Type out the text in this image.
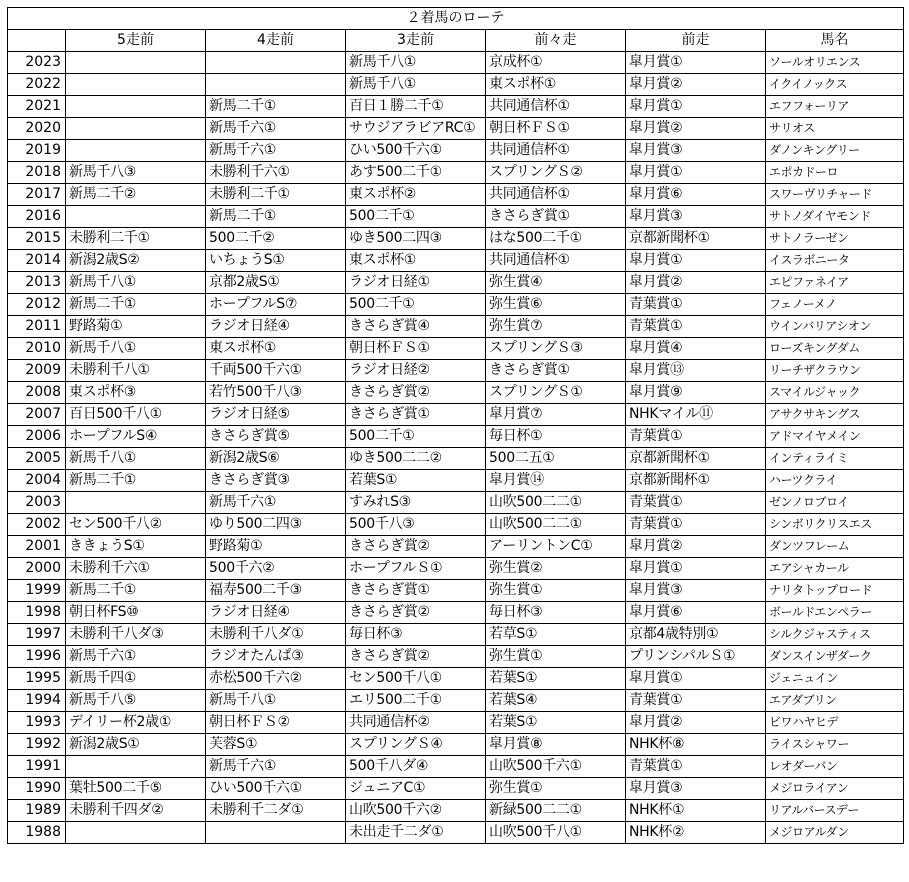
２着馬のローテ						
	5走前	4走前	3走前	前々走	前走	馬名
2023			新馬千八①	京成杯①	皐月賞①	ソールオリエンス
2022			新馬千八①	東スポ杯①	皐月賞②	イクイノックス
2021		新馬二千①	百日１勝二千①	共同通信杯①	皐月賞①	エフフォーリア
2020		新馬千六①	サウジアラビアRC①	朝日杯ＦＳ①	皐月賞②	サリオス
2019		新馬千六①	ひい500千六①	共同通信杯①	皐月賞③	ダノンキングリー
2018	新馬千八③	未勝利千六①	あす500二千①	スプリングＳ②	皐月賞①	エポカドーロ
2017	新馬二千②	未勝利二千①	東スポ杯②	共同通信杯①	皐月賞⑥	スワーヴリチャード
2016		新馬二千①	500二千①	きさらぎ賞①	皐月賞③	サトノダイヤモンド
2015	未勝利二千①	500二千②	ゆき500二四③	はな500二千①	京都新聞杯①	サトノラーゼン
2014	新潟2歳S②	いちょうS①	東スポ杯①	共同通信杯①	皐月賞①	イスラボニータ
2013	新馬千八①	京都2歳S①	ラジオ日経①	弥生賞④	皐月賞②	エピファネイア
2012	新馬二千①	ホープフルS⑦	500二千①	弥生賞⑥	青葉賞①	フェノーメノ
2011	野路菊①	ラジオ日経④	きさらぎ賞④	弥生賞⑦	青葉賞①	ウインバリアシオン
2010	新馬千八①	東スポ杯①	朝日杯ＦＳ①	スプリングＳ③	皐月賞④	ローズキングダム
2009	未勝利千八①	千両500千六①	ラジオ日経②	きさらぎ賞①	皐月賞⑬	リーチザクラウン
2008	東スポ杯③	若竹500千八③	きさらぎ賞②	スプリングＳ①	皐月賞⑨	スマイルジャック
2007	百日500千八①	ラジオ日経⑤	きさらぎ賞①	皐月賞⑦	NHKマイル⑪	アサクサキングス
2006	ホープフルS④	きさらぎ賞⑤	500二千①	毎日杯①	青葉賞①	アドマイヤメイン
2005	新馬千八①	新潟2歳S⑥	ゆき500二二②	500二五①	京都新聞杯①	インティライミ
2004	新馬二千①	きさらぎ賞③	若葉S①	皐月賞⑭	京都新聞杯①	ハーツクライ
2003		新馬千六①	すみれS③	山吹500二二①	青葉賞①	ゼンノロブロイ
2002	セン500千八②	ゆり500二四③	500千八③	山吹500二二①	青葉賞①	シンボリクリスエス
2001	ききょうS①	野路菊①	きさらぎ賞②	アーリントンC①	皐月賞②	ダンツフレーム
2000	未勝利千六①	500千六②	ホープフルＳ①	弥生賞②	皐月賞①	エアシャカール
1999	新馬二千①	福寿500二千③	きさらぎ賞①	弥生賞①	皐月賞③	ナリタトップロード
1998	朝日杯FS⑩	ラジオ日経④	きさらぎ賞②	毎日杯③	皐月賞⑥	ボールドエンペラー
1997	未勝利千八ダ③	未勝利千八ダ①	毎日杯③	若草S①	京都4歳特別①	シルクジャスティス
1996	新馬千六①	ラジオたんぱ③	きさらぎ賞②	弥生賞①	プリンシパルＳ①	ダンスインザダーク
1995	新馬千四①	赤松500千六②	セン500千八①	若葉S①	皐月賞①	ジェニュイン
1994	新馬千八⑤	新馬千八①	エリ500二千①	若葉S④	青葉賞①	エアダブリン
1993	デイリー杯2歳①	朝日杯ＦＳ②	共同通信杯②	若葉S①	皐月賞②	ビワハヤヒデ
1992	新潟2歳S①	芙蓉S①	スプリングＳ④	皐月賞⑧	NHK杯⑧	ライスシャワー
1991		新馬千六①	500千八ダ④	山吹500千六①	青葉賞①	レオダーバン
1990	葉牡500二千⑤	ひい500千六①	ジュニアC①	弥生賞①	皐月賞③	メジロライアン
1989	未勝利千四ダ②	未勝利千二ダ①	山吹500千六②	新緑500二二①	NHK杯①	リアルバースデー
1988			未出走千二ダ①	山吹500千八①	NHK杯②	メジロアルダン
